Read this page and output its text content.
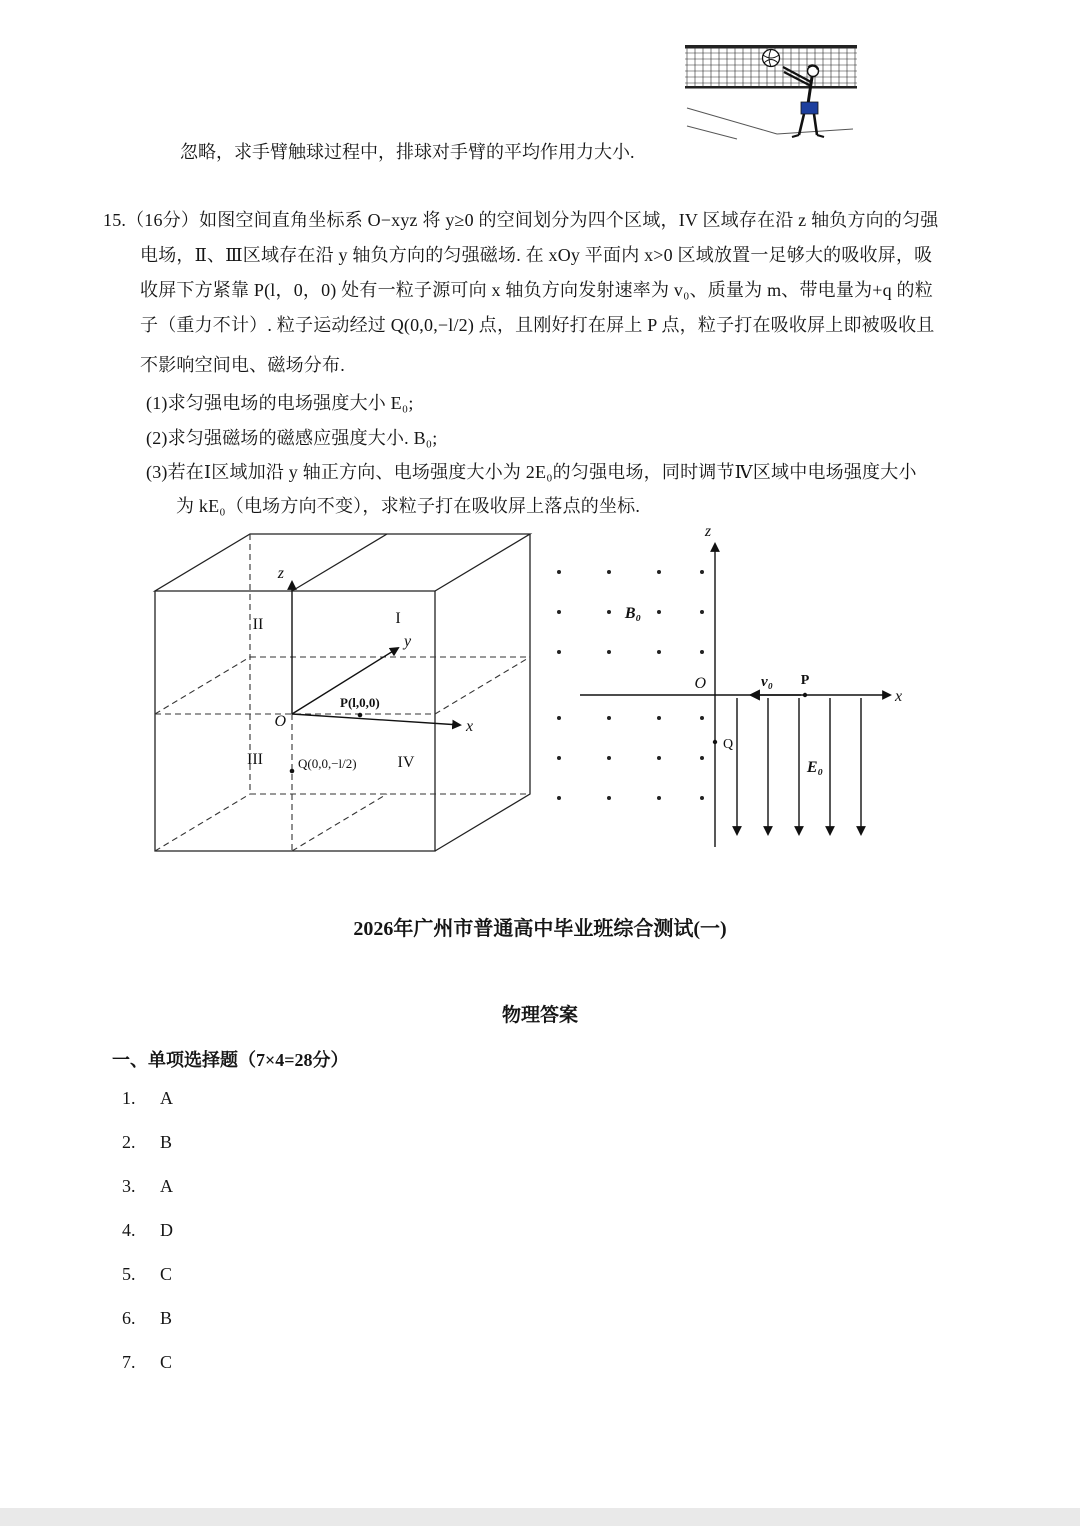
忽略，求手臂触球过程中，排球对手臂的平均作用力大小.
15.（16分）如图空间直角坐标系 O−xyz 将 y≥0 的空间划分为四个区域，IV 区域存在沿 z 轴负方向的匀强
电场，Ⅱ、Ⅲ区域存在沿 y 轴负方向的匀强磁场. 在 xOy 平面内 x>0 区域放置一足够大的吸收屏，吸
收屏下方紧靠 P(l，0，0) 处有一粒子源可向 x 轴负方向发射速率为 v₀、质量为 m、带电量为+q 的粒
子（重力不计）. 粒子运动经过 Q(0,0,−l/2) 点，且刚好打在屏上 P 点，粒子打在吸收屏上即被吸收且
不影响空间电、磁场分布.
(1)求匀强电场的电场强度大小 E₀;
(2)求匀强磁场的磁感应强度大小. B₀;
(3)若在Ⅰ区域加沿 y 轴正方向、电场强度大小为 2E₀的匀强电场，同时调节Ⅳ区域中电场强度大小
为 kE₀（电场方向不变），求粒子打在吸收屏上落点的坐标.
z
y
x
O
I
II
III	IV
P(l,0,0)
Q(0,0,−l/2)
x
z
O
B₀
v₀ P
Q
E₀
2026年广州市普通高中毕业班综合测试(一)
物理答案
一、单项选择题（7×4=28分）
1. A
2. B
3. A
4. D
5. C
6. B
7. C
